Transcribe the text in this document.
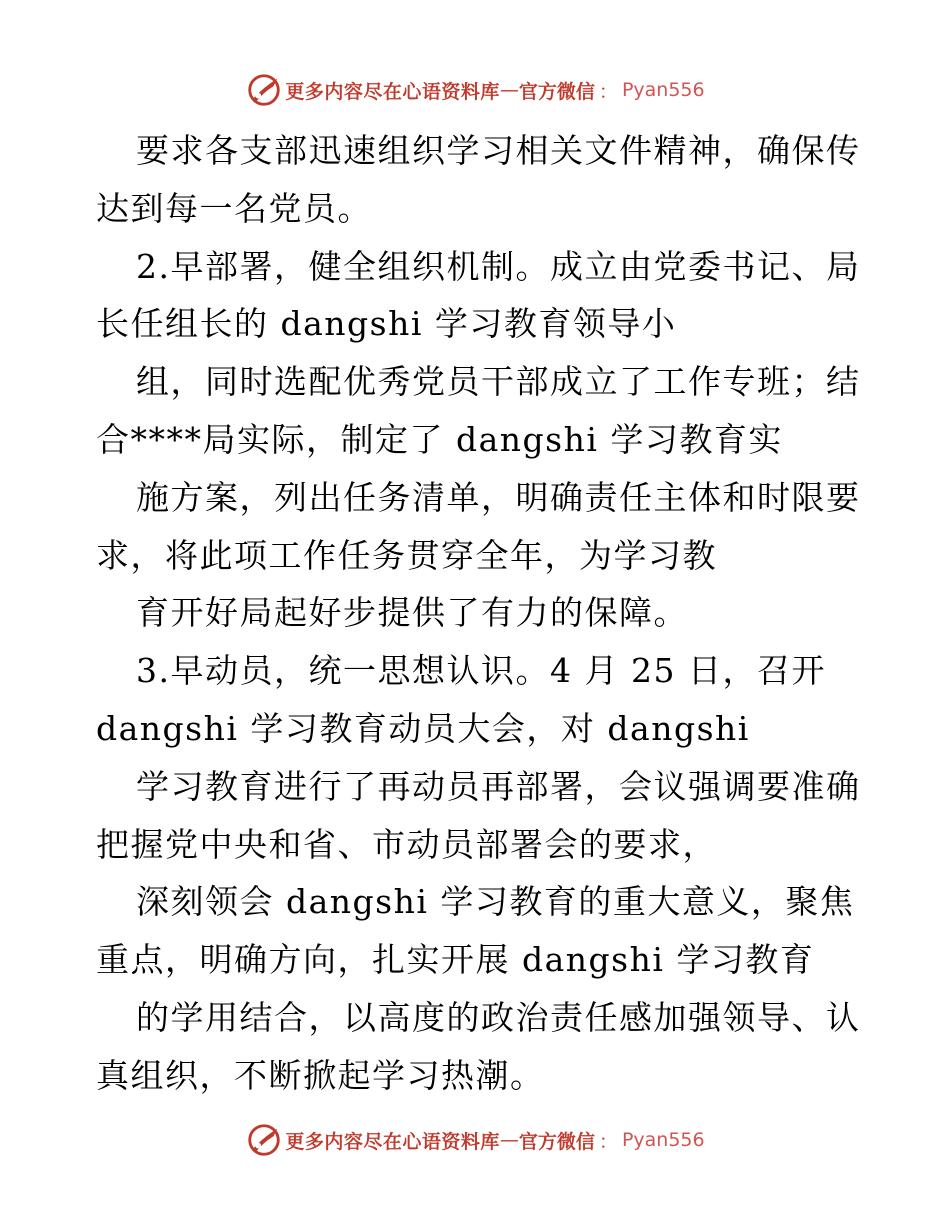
更多内容尽在心语资料库 — 官方微信 ： Pyan556
要求各支部迅速组织学习相关文件精神，确保传
达到每一名党员。
2.早部署，健全组织机制。成立由党委书记、局
长任组长的 dangshi 学习教育领导小
组，同时选配优秀党员干部成立了工作专班；结
合****局实际，制定了 dangshi 学习教育实
施方案，列出任务清单，明确责任主体和时限要
求，将此项工作任务贯穿全年，为学习教
育开好局起好步提供了有力的保障。
3.早动员，统一思想认识。4 月 25 日，召开
dangshi 学习教育动员大会，对 dangshi
学习教育进行了再动员再部署，会议强调要准确
把握党中央和省、市动员部署会的要求，
深刻领会 dangshi 学习教育的重大意义，聚焦
重点，明确方向，扎实开展 dangshi 学习教育
的学用结合，以高度的政治责任感加强领导、认
真组织，不断掀起学习热潮。
更多内容尽在心语资料库 — 官方微信 ： Pyan556
